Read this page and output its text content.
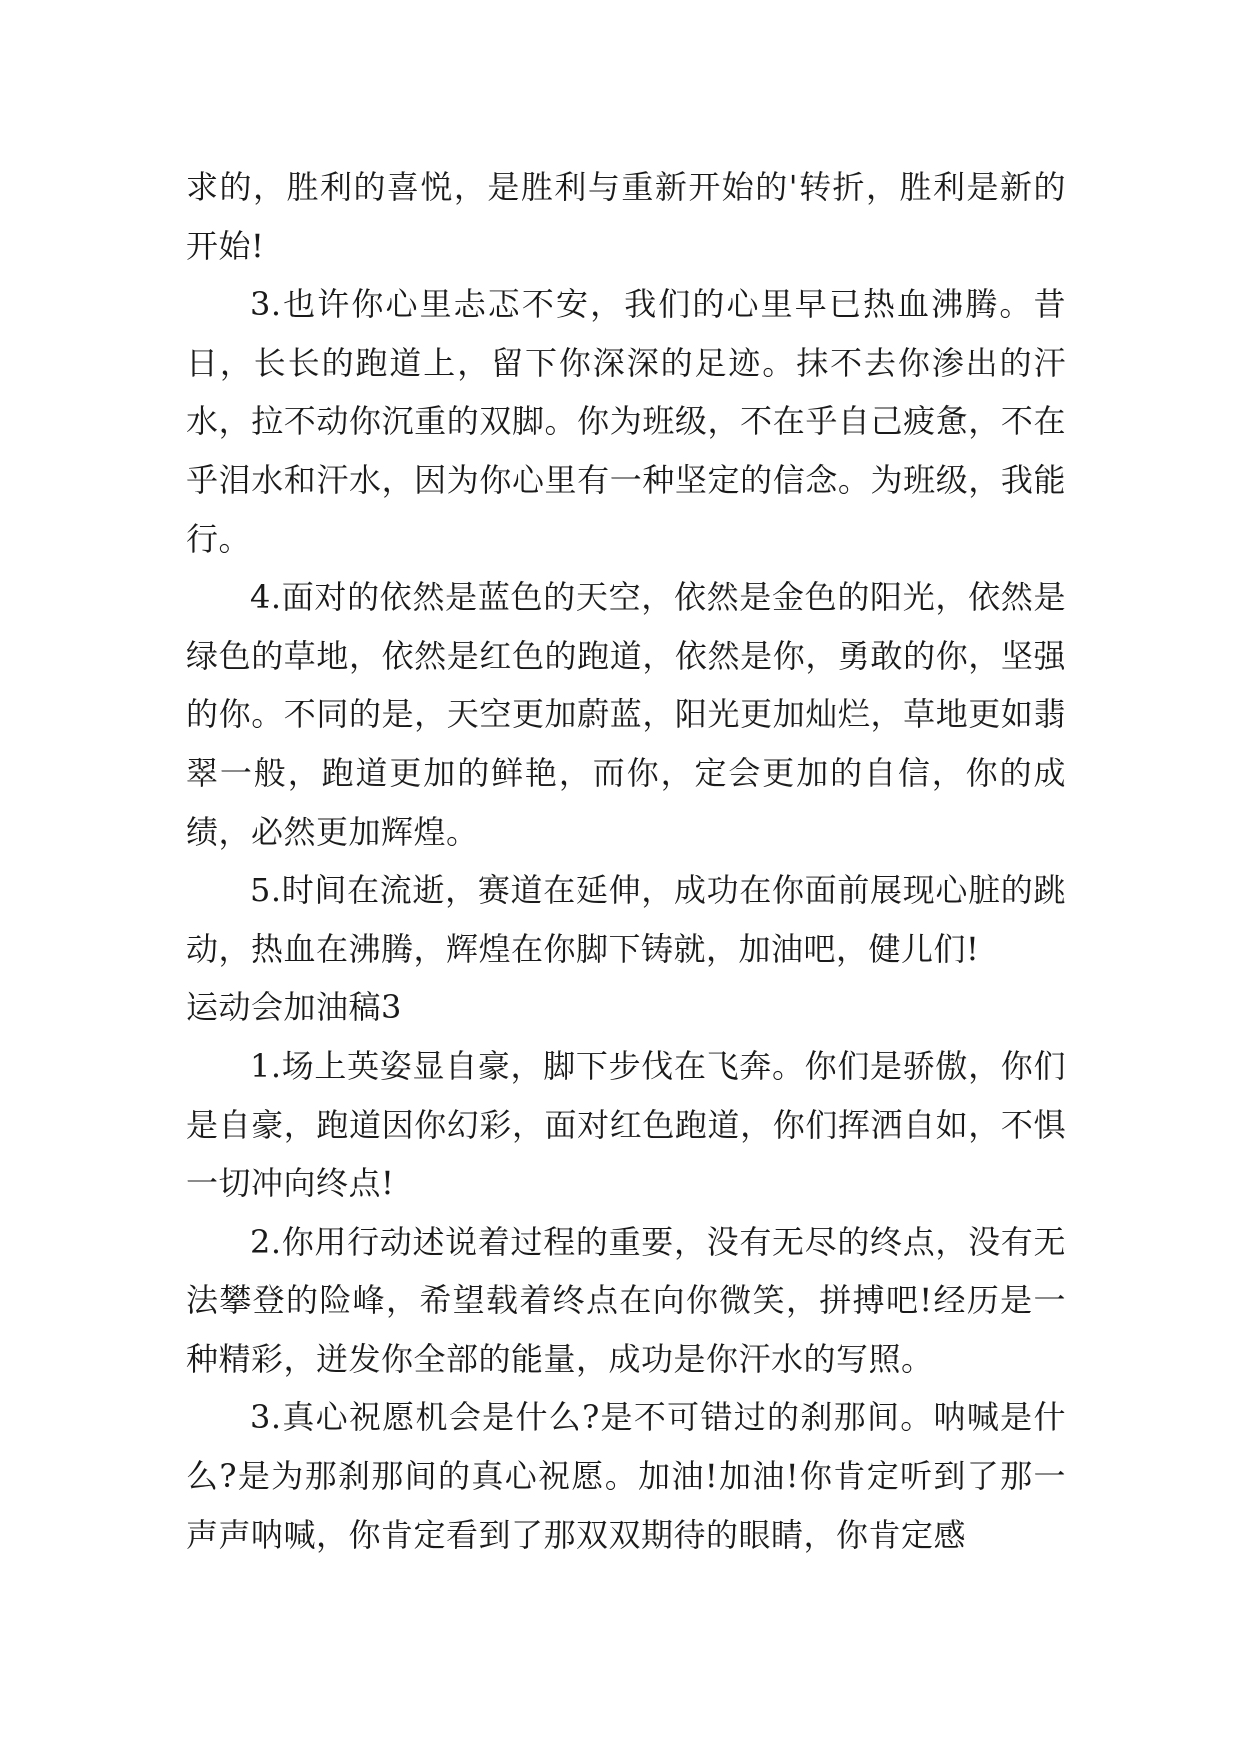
求的，胜利的喜悦，是胜利与重新开始的'转折，胜利是新的开始!

3.也许你心里忐忑不安，我们的心里早已热血沸腾。昔日，长长的跑道上，留下你深深的足迹。抹不去你渗出的汗水，拉不动你沉重的双脚。你为班级，不在乎自己疲惫，不在乎泪水和汗水，因为你心里有一种坚定的信念。为班级，我能行。

4.面对的依然是蓝色的天空，依然是金色的阳光，依然是绿色的草地，依然是红色的跑道，依然是你，勇敢的你，坚强的你。不同的是，天空更加蔚蓝，阳光更加灿烂，草地更如翡翠一般，跑道更加的鲜艳，而你，定会更加的自信，你的成绩，必然更加辉煌。

5.时间在流逝，赛道在延伸，成功在你面前展现心脏的跳动，热血在沸腾，辉煌在你脚下铸就，加油吧，健儿们!

运动会加油稿3

1.场上英姿显自豪，脚下步伐在飞奔。你们是骄傲，你们是自豪，跑道因你幻彩，面对红色跑道，你们挥洒自如，不惧一切冲向终点!

2.你用行动述说着过程的重要，没有无尽的终点，没有无法攀登的险峰，希望载着终点在向你微笑，拼搏吧!经历是一种精彩，迸发你全部的能量，成功是你汗水的写照。

3.真心祝愿机会是什么?是不可错过的刹那间。呐喊是什么?是为那刹那间的真心祝愿。加油!加油!你肯定听到了那一声声呐喊，你肯定看到了那双双期待的眼睛，你肯定感
